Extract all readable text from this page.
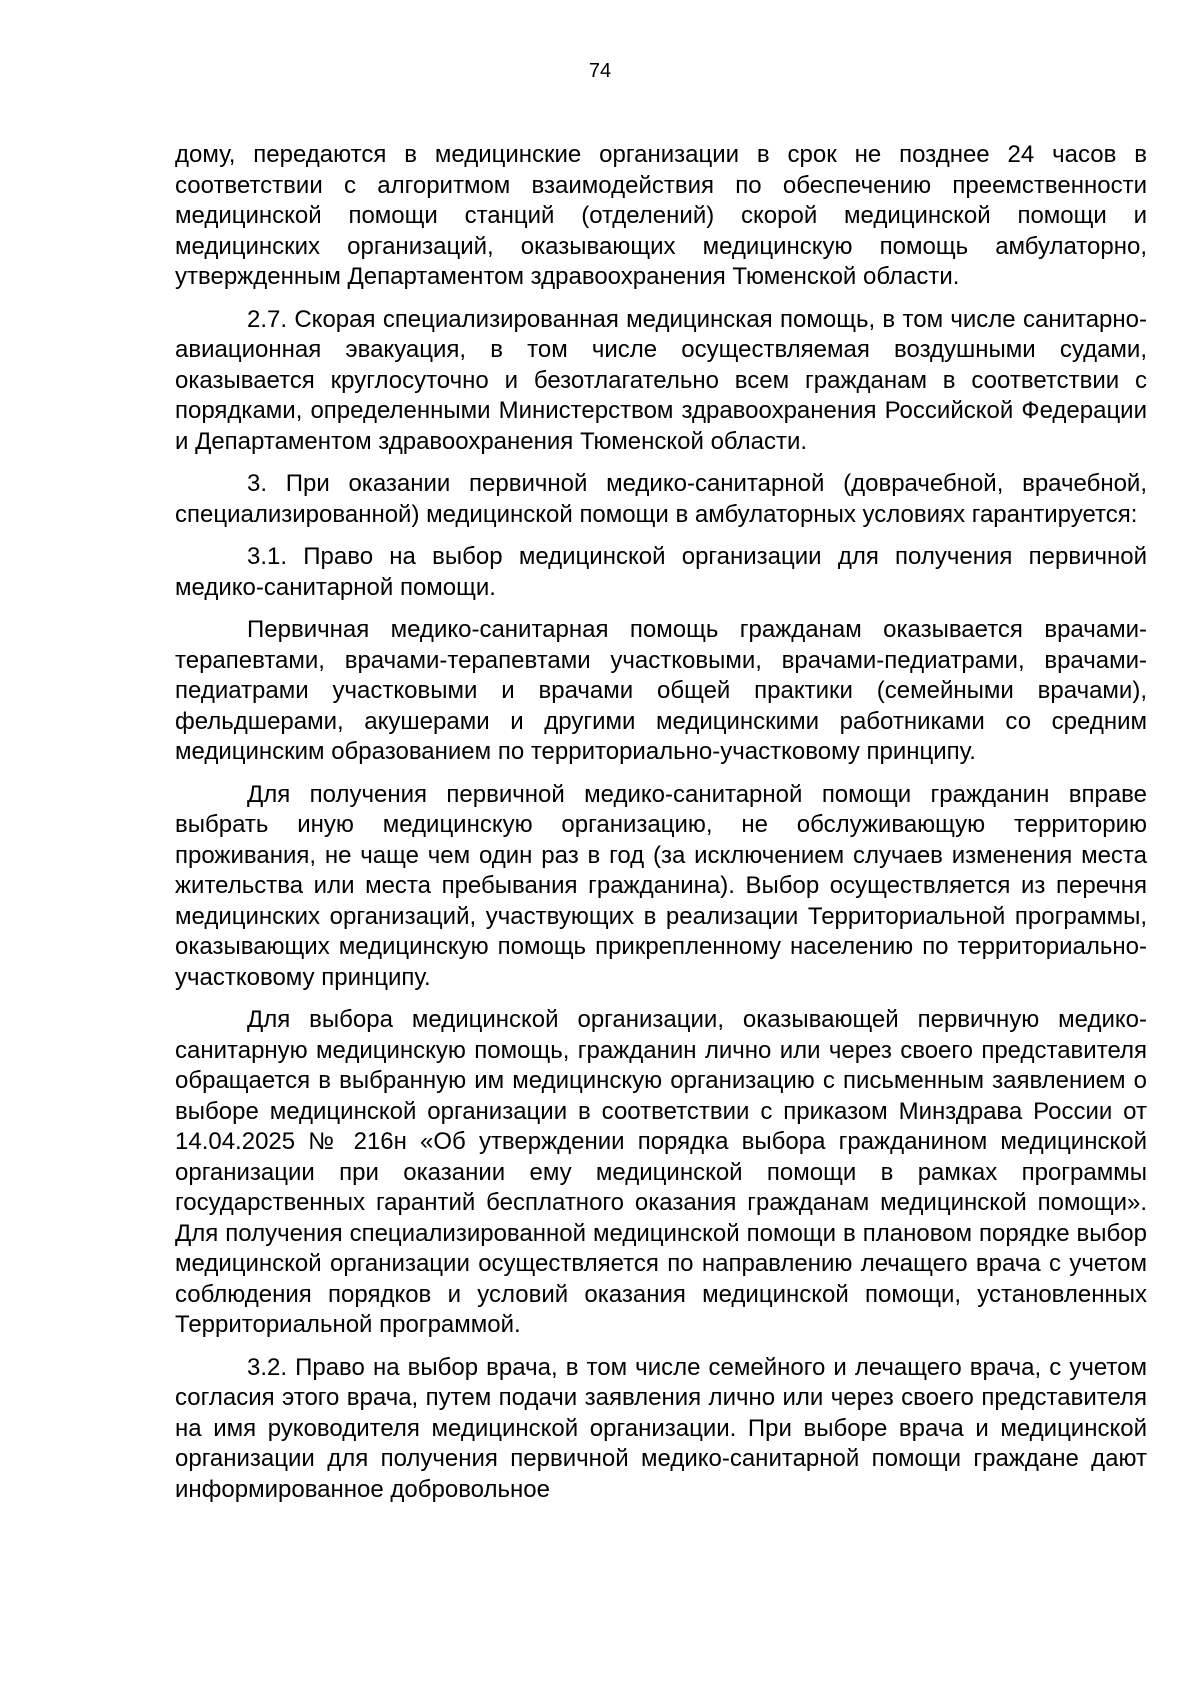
74

дому, передаются в медицинские организации в срок не позднее 24 часов в соответствии с алгоритмом взаимодействия по обеспечению преемственности медицинской помощи станций (отделений) скорой медицинской помощи и медицинских организаций, оказывающих медицинскую помощь амбулаторно, утвержденным Департаментом здравоохранения Тюменской области.

2.7. Скорая специализированная медицинская помощь, в том числе санитарно-авиационная эвакуация, в том числе осуществляемая воздушными судами, оказывается круглосуточно и безотлагательно всем гражданам в соответствии с порядками, определенными Министерством здравоохранения Российской Федерации и Департаментом здравоохранения Тюменской области.

3. При оказании первичной медико-санитарной (доврачебной, врачебной, специализированной) медицинской помощи в амбулаторных условиях гарантируется:

3.1. Право на выбор медицинской организации для получения первичной медико-санитарной помощи.

Первичная медико-санитарная помощь гражданам оказывается врачами-терапевтами, врачами-терапевтами участковыми, врачами-педиатрами, врачами-педиатрами участковыми и врачами общей практики (семейными врачами), фельдшерами, акушерами и другими медицинскими работниками со средним медицинским образованием по территориально-участковому принципу.

Для получения первичной медико-санитарной помощи гражданин вправе выбрать иную медицинскую организацию, не обслуживающую территорию проживания, не чаще чем один раз в год (за исключением случаев изменения места жительства или места пребывания гражданина). Выбор осуществляется из перечня медицинских организаций, участвующих в реализации Территориальной программы, оказывающих медицинскую помощь прикрепленному населению по территориально-участковому принципу.

Для выбора медицинской организации, оказывающей первичную медико-санитарную медицинскую помощь, гражданин лично или через своего представителя обращается в выбранную им медицинскую организацию с письменным заявлением о выборе медицинской организации в соответствии с приказом Минздрава России от 14.04.2025 № 216н «Об утверждении порядка выбора гражданином медицинской организации при оказании ему медицинской помощи в рамках программы государственных гарантий бесплатного оказания гражданам медицинской помощи». Для получения специализированной медицинской помощи в плановом порядке выбор медицинской организации осуществляется по направлению лечащего врача с учетом соблюдения порядков и условий оказания медицинской помощи, установленных Территориальной программой.

3.2. Право на выбор врача, в том числе семейного и лечащего врача, с учетом согласия этого врача, путем подачи заявления лично или через своего представителя на имя руководителя медицинской организации. При выборе врача и медицинской организации для получения первичной медико-санитарной помощи граждане дают информированное добровольное
